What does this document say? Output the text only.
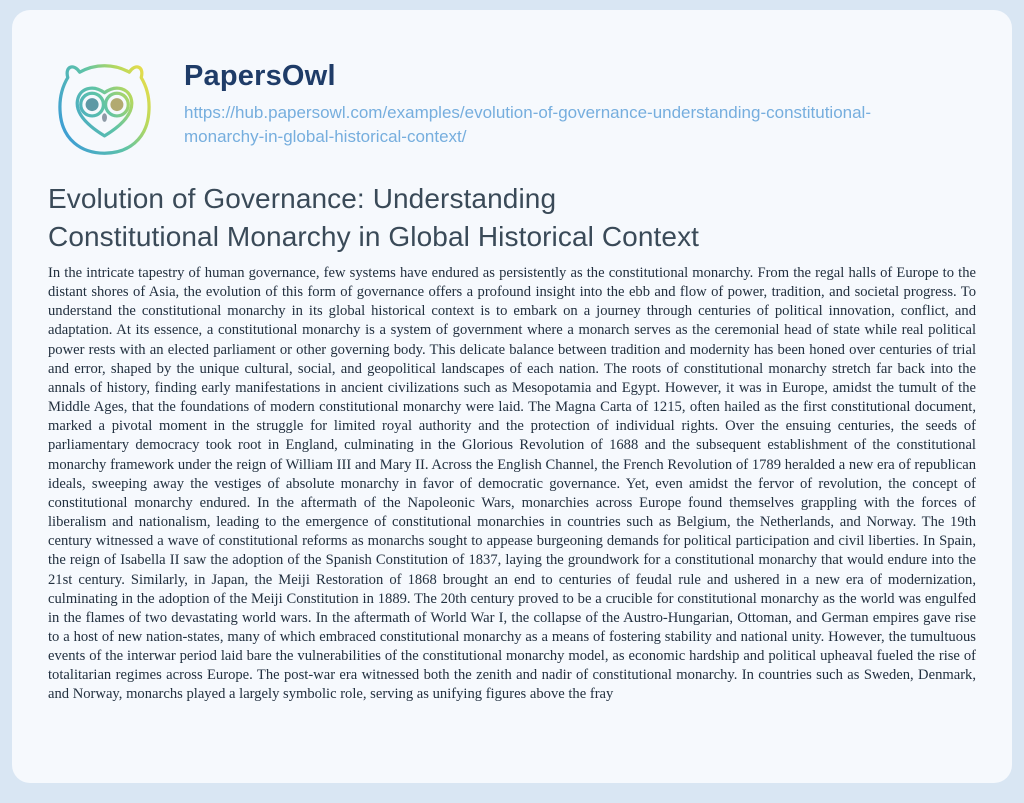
PapersOwl
https://hub.papersowl.com/examples/evolution-of-governance-understanding-constitutional-monarchy-in-global-historical-context/
Evolution of Governance: Understanding
Constitutional Monarchy in Global Historical Context

In the intricate tapestry of human governance, few systems have endured as persistently as the constitutional monarchy. From the regal halls of Europe to the distant shores of Asia, the evolution of this form of governance offers a profound insight into the ebb and flow of power, tradition, and societal progress. To understand the constitutional monarchy in its global historical context is to embark on a journey through centuries of political innovation, conflict, and adaptation. At its essence, a constitutional monarchy is a system of government where a monarch serves as the ceremonial head of state while real political power rests with an elected parliament or other governing body. This delicate balance between tradition and modernity has been honed over centuries of trial and error, shaped by the unique cultural, social, and geopolitical landscapes of each nation. The roots of constitutional monarchy stretch far back into the annals of history, finding early manifestations in ancient civilizations such as Mesopotamia and Egypt. However, it was in Europe, amidst the tumult of the Middle Ages, that the foundations of modern constitutional monarchy were laid. The Magna Carta of 1215, often hailed as the first constitutional document, marked a pivotal moment in the struggle for limited royal authority and the protection of individual rights. Over the ensuing centuries, the seeds of parliamentary democracy took root in England, culminating in the Glorious Revolution of 1688 and the subsequent establishment of the constitutional monarchy framework under the reign of William III and Mary II. Across the English Channel, the French Revolution of 1789 heralded a new era of republican ideals, sweeping away the vestiges of absolute monarchy in favor of democratic governance. Yet, even amidst the fervor of revolution, the concept of constitutional monarchy endured. In the aftermath of the Napoleonic Wars, monarchies across Europe found themselves grappling with the forces of liberalism and nationalism, leading to the emergence of constitutional monarchies in countries such as Belgium, the Netherlands, and Norway. The 19th century witnessed a wave of constitutional reforms as monarchs sought to appease burgeoning demands for political participation and civil liberties. In Spain, the reign of Isabella II saw the adoption of the Spanish Constitution of 1837, laying the groundwork for a constitutional monarchy that would endure into the 21st century. Similarly, in Japan, the Meiji Restoration of 1868 brought an end to centuries of feudal rule and ushered in a new era of modernization, culminating in the adoption of the Meiji Constitution in 1889. The 20th century proved to be a crucible for constitutional monarchy as the world was engulfed in the flames of two devastating world wars. In the aftermath of World War I, the collapse of the Austro-Hungarian, Ottoman, and German empires gave rise to a host of new nation-states, many of which embraced constitutional monarchy as a means of fostering stability and national unity. However, the tumultuous events of the interwar period laid bare the vulnerabilities of the constitutional monarchy model, as economic hardship and political upheaval fueled the rise of totalitarian regimes across Europe. The post-war era witnessed both the zenith and nadir of constitutional monarchy. In countries such as Sweden, Denmark, and Norway, monarchs played a largely symbolic role, serving as unifying figures above the fray
